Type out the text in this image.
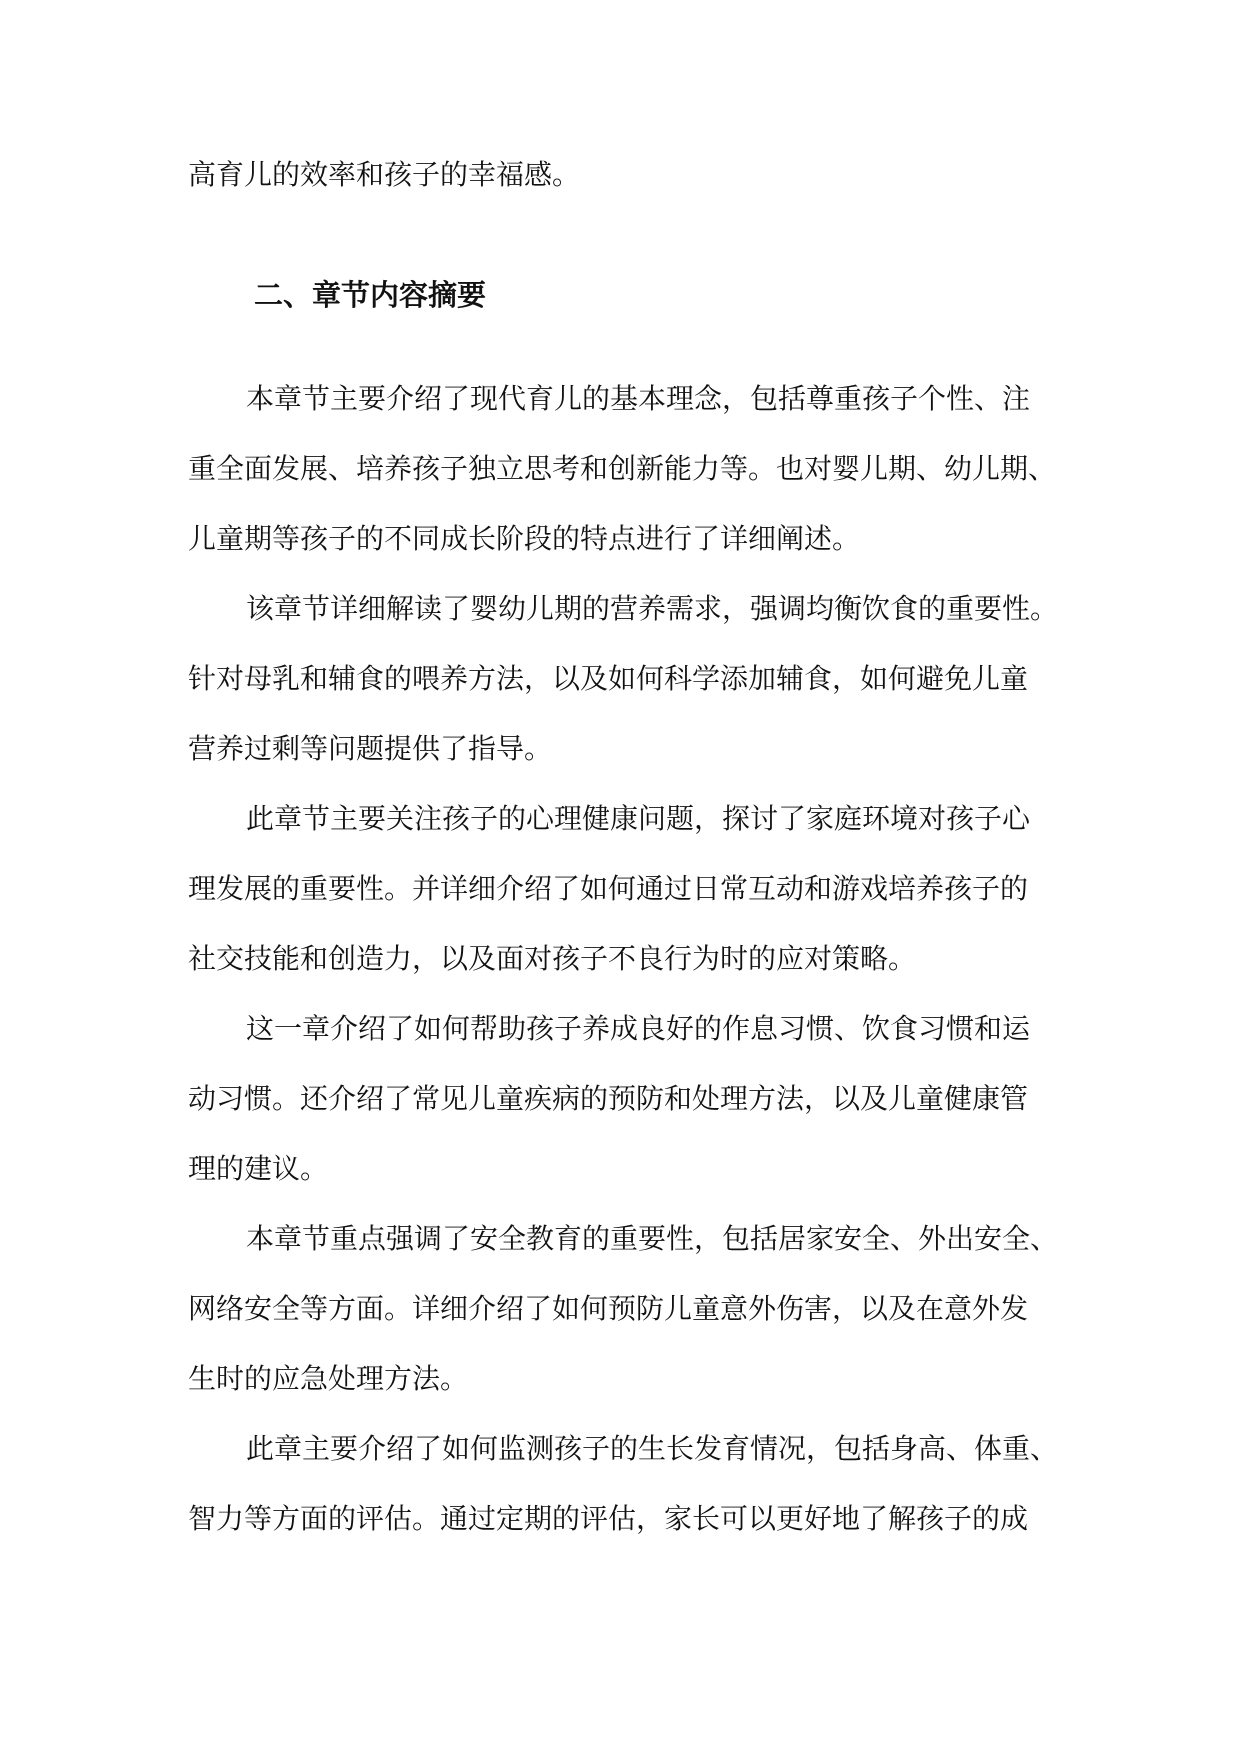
高育儿的效率和孩子的幸福感。

二、章节内容摘要

本章节主要介绍了现代育儿的基本理念，包括尊重孩子个性、注

重全面发展、培养孩子独立思考和创新能力等。也对婴儿期、幼儿期、

儿童期等孩子的不同成长阶段的特点进行了详细阐述。

该章节详细解读了婴幼儿期的营养需求，强调均衡饮食的重要性。

针对母乳和辅食的喂养方法，以及如何科学添加辅食，如何避免儿童

营养过剩等问题提供了指导。

此章节主要关注孩子的心理健康问题，探讨了家庭环境对孩子心

理发展的重要性。并详细介绍了如何通过日常互动和游戏培养孩子的

社交技能和创造力，以及面对孩子不良行为时的应对策略。

这一章介绍了如何帮助孩子养成良好的作息习惯、饮食习惯和运

动习惯。还介绍了常见儿童疾病的预防和处理方法，以及儿童健康管

理的建议。

本章节重点强调了安全教育的重要性，包括居家安全、外出安全、

网络安全等方面。详细介绍了如何预防儿童意外伤害，以及在意外发

生时的应急处理方法。

此章主要介绍了如何监测孩子的生长发育情况，包括身高、体重、

智力等方面的评估。通过定期的评估，家长可以更好地了解孩子的成
